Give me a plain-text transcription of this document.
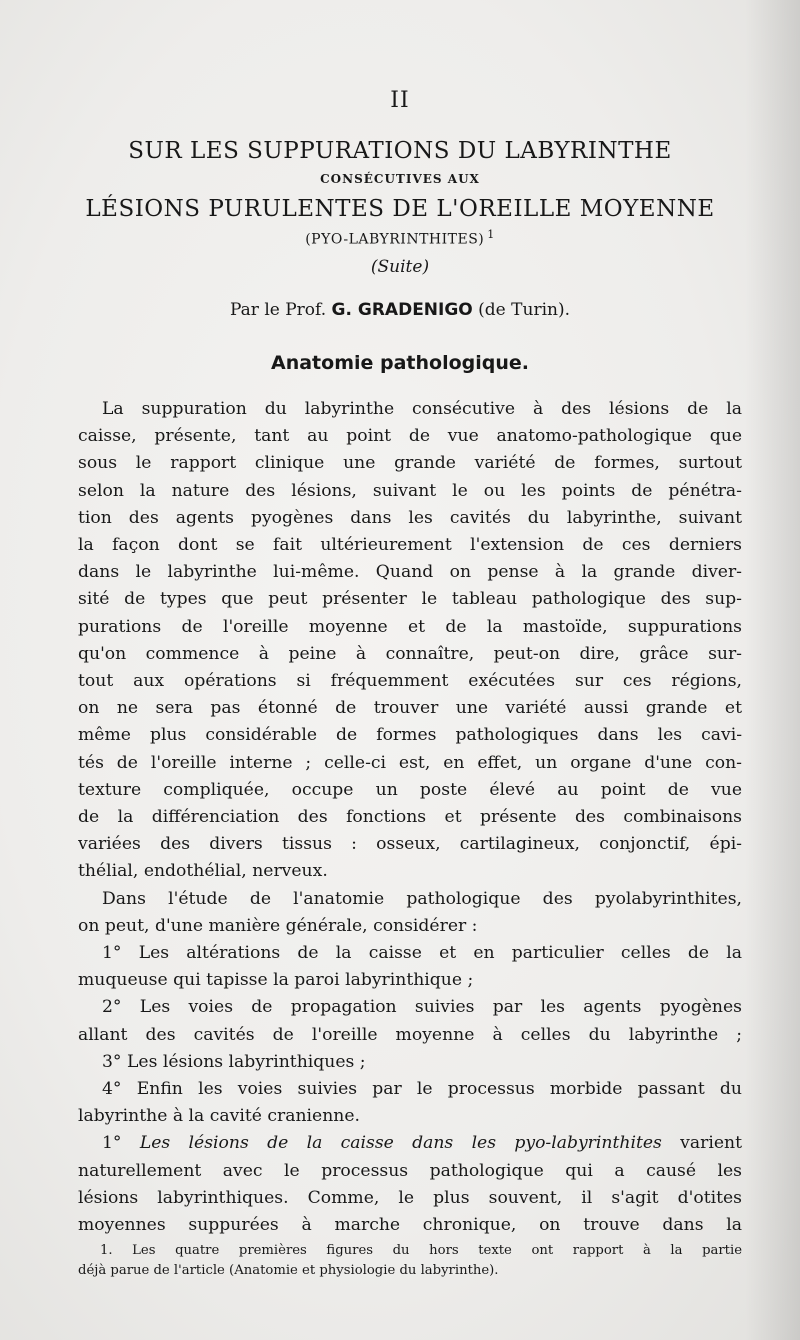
II
SUR LES SUPPURATIONS DU LABYRINTHE
CONSÉCUTIVES AUX
LÉSIONS PURULENTES DE L'OREILLE MOYENNE
(PYO-LABYRINTHITES) $^1$
(Suite)
Par le Prof. G. GRADENIGO (de Turin).
Anatomie pathologique.
La suppuration du labyrinthe consécutive à des lésions de la
caisse, présente, tant au point de vue anatomo-pathologique que
sous le rapport clinique une grande variété de formes, surtout
selon la nature des lésions, suivant le ou les points de pénétra-
tion des agents pyogènes dans les cavités du labyrinthe, suivant
la façon dont se fait ultérieurement l'extension de ces derniers
dans le labyrinthe lui-même. Quand on pense à la grande diver-
sité de types que peut présenter le tableau pathologique des sup-
purations de l'oreille moyenne et de la mastoïde, suppurations
qu'on commence à peine à connaître, peut-on dire, grâce sur-
tout aux opérations si fréquemment exécutées sur ces régions,
on ne sera pas étonné de trouver une variété aussi grande et
même plus considérable de formes pathologiques dans les cavi-
tés de l'oreille interne ; celle-ci est, en effet, un organe d'une con-
texture compliquée, occupe un poste élevé au point de vue
de la différenciation des fonctions et présente des combinaisons
variées des divers tissus : osseux, cartilagineux, conjonctif, épi-
thélial, endothélial, nerveux.
Dans l'étude de l'anatomie pathologique des pyolabyrinthites,
on peut, d'une manière générale, considérer :
1° Les altérations de la caisse et en particulier celles de la
muqueuse qui tapisse la paroi labyrinthique ;
2° Les voies de propagation suivies par les agents pyogènes
allant des cavités de l'oreille moyenne à celles du labyrinthe ;
3° Les lésions labyrinthiques ;
4° Enfin les voies suivies par le processus morbide passant du
labyrinthe à la cavité cranienne.
1° Les lésions de la caisse dans les pyo-labyrinthites varient
naturellement avec le processus pathologique qui a causé les
lésions labyrinthiques. Comme, le plus souvent, il s'agit d'otites
moyennes suppurées à marche chronique, on trouve dans la
1. Les quatre premières figures du hors texte ont rapport à la partie
déjà parue de l'article (Anatomie et physiologie du labyrinthe).
